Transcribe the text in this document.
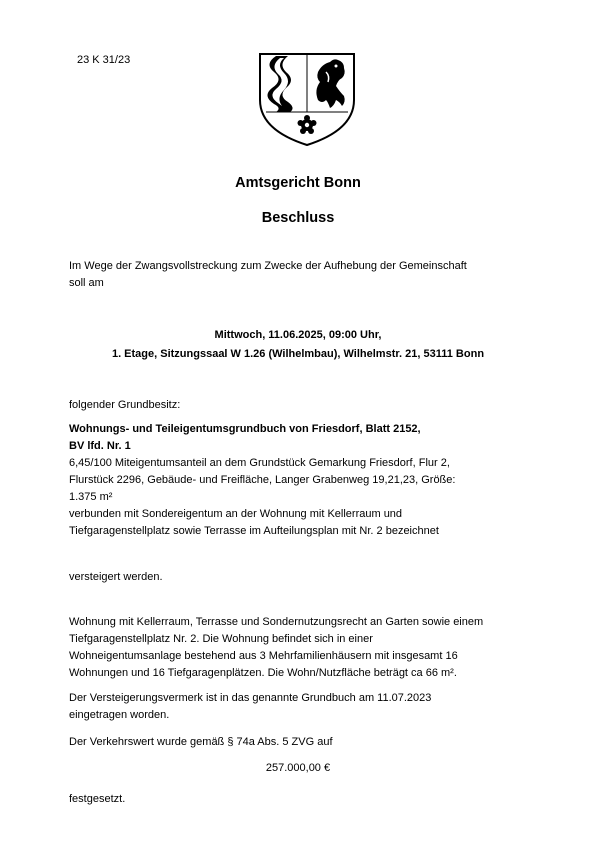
23 K 31/23
Amtsgericht Bonn
Beschluss
Im Wege der Zwangsvollstreckung zum Zwecke der Aufhebung der Gemeinschaft
soll am
Mittwoch, 11.06.2025, 09:00 Uhr,
1. Etage, Sitzungssaal W 1.26 (Wilhelmbau), Wilhelmstr. 21, 53111 Bonn
folgender Grundbesitz:
Wohnungs- und Teileigentumsgrundbuch von Friesdorf, Blatt 2152,
BV lfd. Nr. 1
6,45/100 Miteigentumsanteil an dem Grundstück Gemarkung Friesdorf, Flur 2,
Flurstück 2296, Gebäude- und Freifläche, Langer Grabenweg 19,21,23, Größe:
1.375 m²
verbunden mit Sondereigentum an der Wohnung mit Kellerraum und
Tiefgaragenstellplatz sowie Terrasse im Aufteilungsplan mit Nr. 2 bezeichnet
versteigert werden.
Wohnung mit Kellerraum, Terrasse und Sondernutzungsrecht an Garten sowie einem
Tiefgaragenstellplatz Nr. 2. Die Wohnung befindet sich in einer
Wohneigentumsanlage bestehend aus 3 Mehrfamilienhäusern mit insgesamt 16
Wohnungen und 16 Tiefgaragenplätzen. Die Wohn/Nutzfläche beträgt ca 66 m².
Der Versteigerungsvermerk ist in das genannte Grundbuch am 11.07.2023
eingetragen worden.
Der Verkehrswert wurde gemäß § 74a Abs. 5 ZVG auf
257.000,00 €
festgesetzt.
